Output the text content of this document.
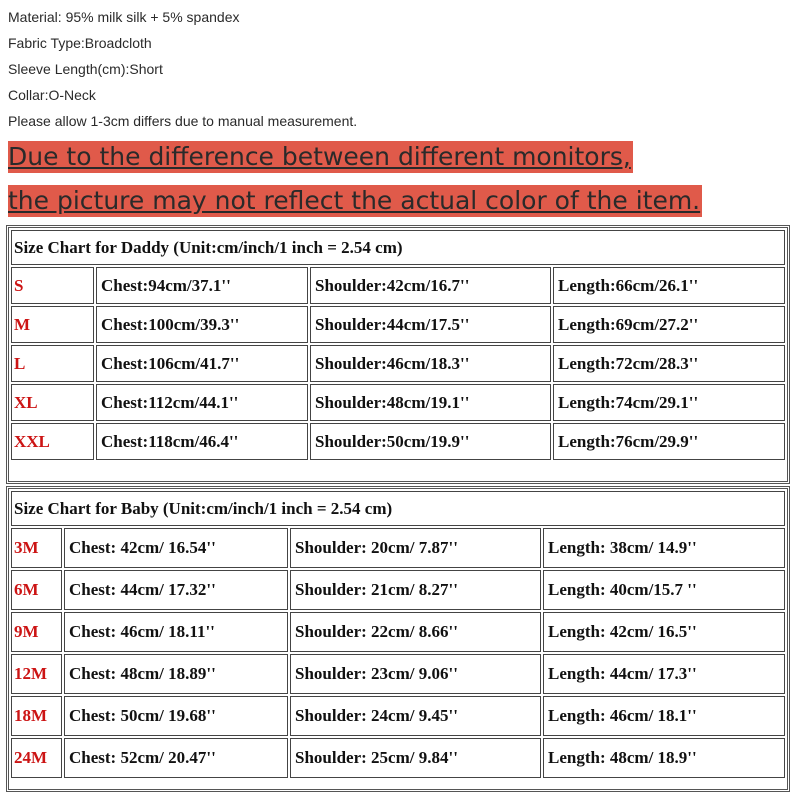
Material: 95% milk silk + 5% spandex
Fabric Type:Broadcloth
Sleeve Length(cm):Short
Collar:O-Neck
Please allow 1-3cm differs due to manual measurement.
Due to the difference between different monitors,
the picture may not reflect the actual color of the item.
Size Chart for Daddy (Unit:cm/inch/1 inch = 2.54 cm)			
S	Chest:94cm/37.1''	Shoulder:42cm/16.7''	Length:66cm/26.1''
M	Chest:100cm/39.3''	Shoulder:44cm/17.5''	Length:69cm/27.2''
L	Chest:106cm/41.7''	Shoulder:46cm/18.3''	Length:72cm/28.3''
XL	Chest:112cm/44.1''	Shoulder:48cm/19.1''	Length:74cm/29.1''
XXL	Chest:118cm/46.4''	Shoulder:50cm/19.9''	Length:76cm/29.9''
Size Chart for Baby (Unit:cm/inch/1 inch = 2.54 cm)			
3M	Chest: 42cm/ 16.54''	Shoulder: 20cm/ 7.87''	Length: 38cm/ 14.9''
6M	Chest: 44cm/ 17.32''	Shoulder: 21cm/ 8.27''	Length: 40cm/15.7 ''
9M	Chest: 46cm/ 18.11''	Shoulder: 22cm/ 8.66''	Length: 42cm/ 16.5''
12M	Chest: 48cm/ 18.89''	Shoulder: 23cm/ 9.06''	Length: 44cm/ 17.3''
18M	Chest: 50cm/ 19.68''	Shoulder: 24cm/ 9.45''	Length: 46cm/ 18.1''
24M	Chest: 52cm/ 20.47''	Shoulder: 25cm/ 9.84''	Length: 48cm/ 18.9''
